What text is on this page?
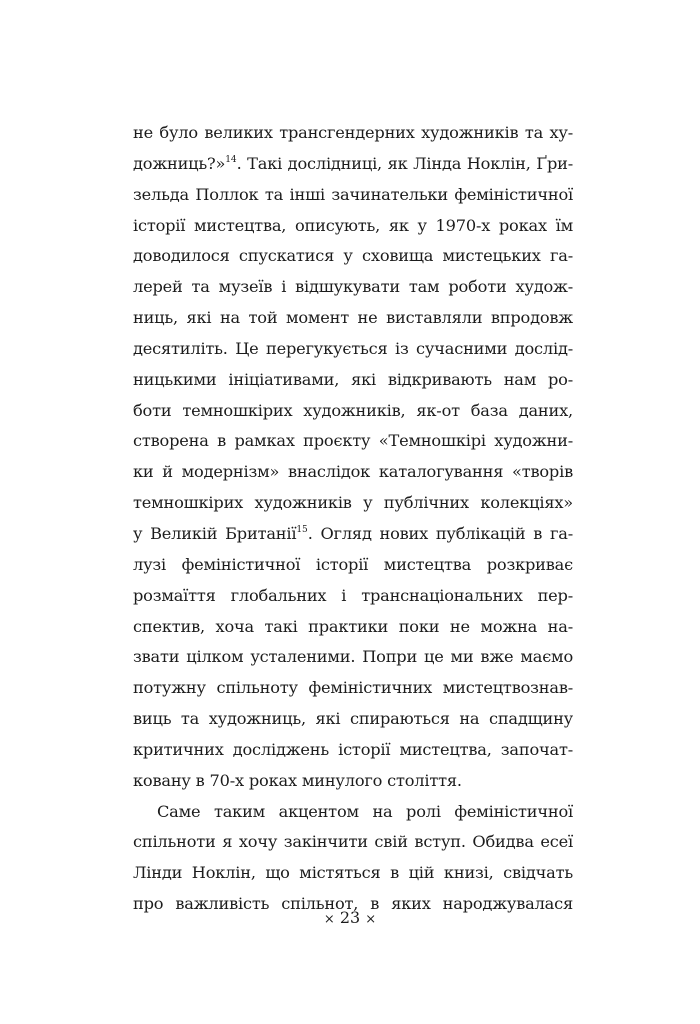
не було великих трансгендерних художників та ху-
дожниць?»$^{14}$. Такі дослідниці, як Лінда Ноклін, Ґри-
зельда Поллок та інші зачинательки феміністичної
історії мистецтва, описують, як у 1970-х роках їм
доводилося спускатися у сховища мистецьких га-
лерей та музеїв і відшукувати там роботи худож-
ниць, які на той момент не виставляли впродовж
десятиліть. Це перегукується із сучасними дослід-
ницькими ініціативами, які відкривають нам ро-
боти темношкірих художників, як-от база даних,
створена в рамках проєкту «Темношкірі художни-
ки й модернізм» внаслідок каталогування «творів
темношкірих художників у публічних колекціях»
у Великій Британії$^{15}$. Огляд нових публікацій в га-
лузі феміністичної історії мистецтва розкриває
розмаїття глобальних і транснаціональних пер-
спектив, хоча такі практики поки не можна на-
звати цілком усталеними. Попри це ми вже маємо
потужну спільноту феміністичних мистецтвознав-
виць та художниць, які спираються на спадщину
критичних досліджень історії мистецтва, започат-
ковану в 70-х роках минулого століття.
Саме таким акцентом на ролі феміністичної
спільноти я хочу закінчити свій вступ. Обидва есеї
Лінди Ноклін, що містяться в цій книзі, свідчать
про важливість спільнот, в яких народжувалася
× 23 ×
